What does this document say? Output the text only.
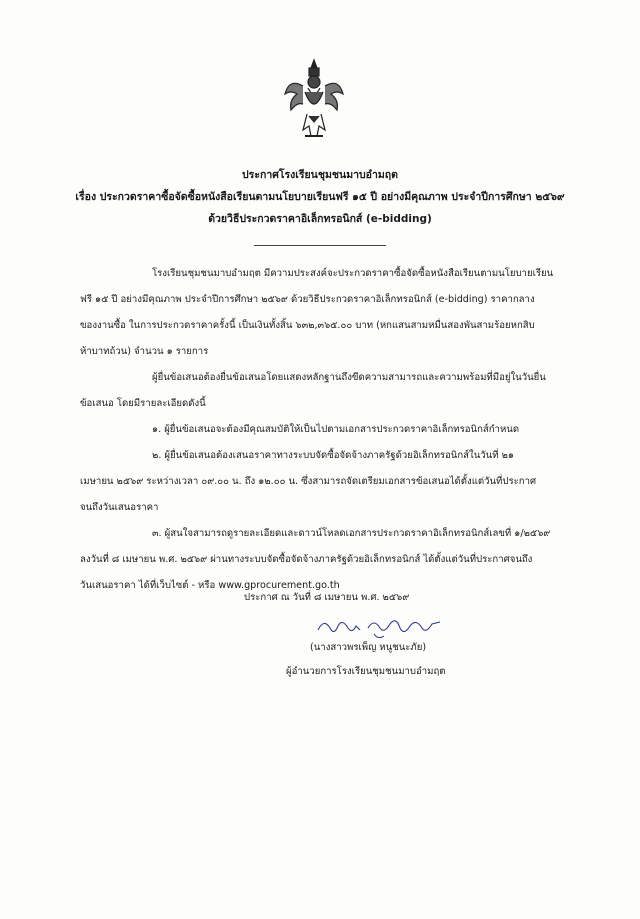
ประกาศโรงเรียนชุมชนมาบอำมฤต
เรื่อง ประกวดราคาซื้อจัดซื้อหนังสือเรียนตามนโยบายเรียนฟรี ๑๕ ปี อย่างมีคุณภาพ ประจำปีการศึกษา ๒๕๖๙
ด้วยวิธีประกวดราคาอิเล็กทรอนิกส์ (e-bidding)
โรงเรียนชุมชนมาบอำมฤต มีความประสงค์จะประกวดราคาซื้อจัดซื้อหนังสือเรียนตามนโยบายเรียน
ฟรี ๑๕ ปี อย่างมีคุณภาพ ประจำปีการศึกษา ๒๕๖๙ ด้วยวิธีประกวดราคาอิเล็กทรอนิกส์ (e-bidding) ราคากลาง
ของงานซื้อ ในการประกวดราคาครั้งนี้ เป็นเงินทั้งสิ้น ๖๓๒,๓๖๕.๐๐ บาท (หกแสนสามหมื่นสองพันสามร้อยหกสิบ
ห้าบาทถ้วน) จำนวน ๑ รายการ
ผู้ยื่นข้อเสนอต้องยื่นข้อเสนอโดยแสดงหลักฐานถึงขีดความสามารถและความพร้อมที่มีอยู่ในวันยื่น
ข้อเสนอ โดยมีรายละเอียดดังนี้
๑. ผู้ยื่นข้อเสนอจะต้องมีคุณสมบัติให้เป็นไปตามเอกสารประกวดราคาอิเล็กทรอนิกส์กำหนด
๒. ผู้ยื่นข้อเสนอต้องเสนอราคาทางระบบจัดซื้อจัดจ้างภาครัฐด้วยอิเล็กทรอนิกส์ในวันที่ ๒๑
เมษายน ๒๕๖๙ ระหว่างเวลา ๐๙.๐๐ น. ถึง ๑๒.๐๐ น. ซึ่งสามารถจัดเตรียมเอกสารข้อเสนอได้ตั้งแต่วันที่ประกาศ
จนถึงวันเสนอราคา
๓. ผู้สนใจสามารถดูรายละเอียดและดาวน์โหลดเอกสารประกวดราคาอิเล็กทรอนิกส์เลขที่ ๑/๒๕๖๙
ลงวันที่ ๘ เมษายน พ.ศ. ๒๕๖๙ ผ่านทางระบบจัดซื้อจัดจ้างภาครัฐด้วยอิเล็กทรอนิกส์ ได้ตั้งแต่วันที่ประกาศจนถึง
วันเสนอราคา ได้ที่เว็บไซต์ - หรือ www.gprocurement.go.th
ประกาศ ณ วันที่ ๘ เมษายน พ.ศ. ๒๕๖๙
(นางสาวพรเพ็ญ หนูชนะภัย)
ผู้อำนวยการโรงเรียนชุมชนมาบอำมฤต
